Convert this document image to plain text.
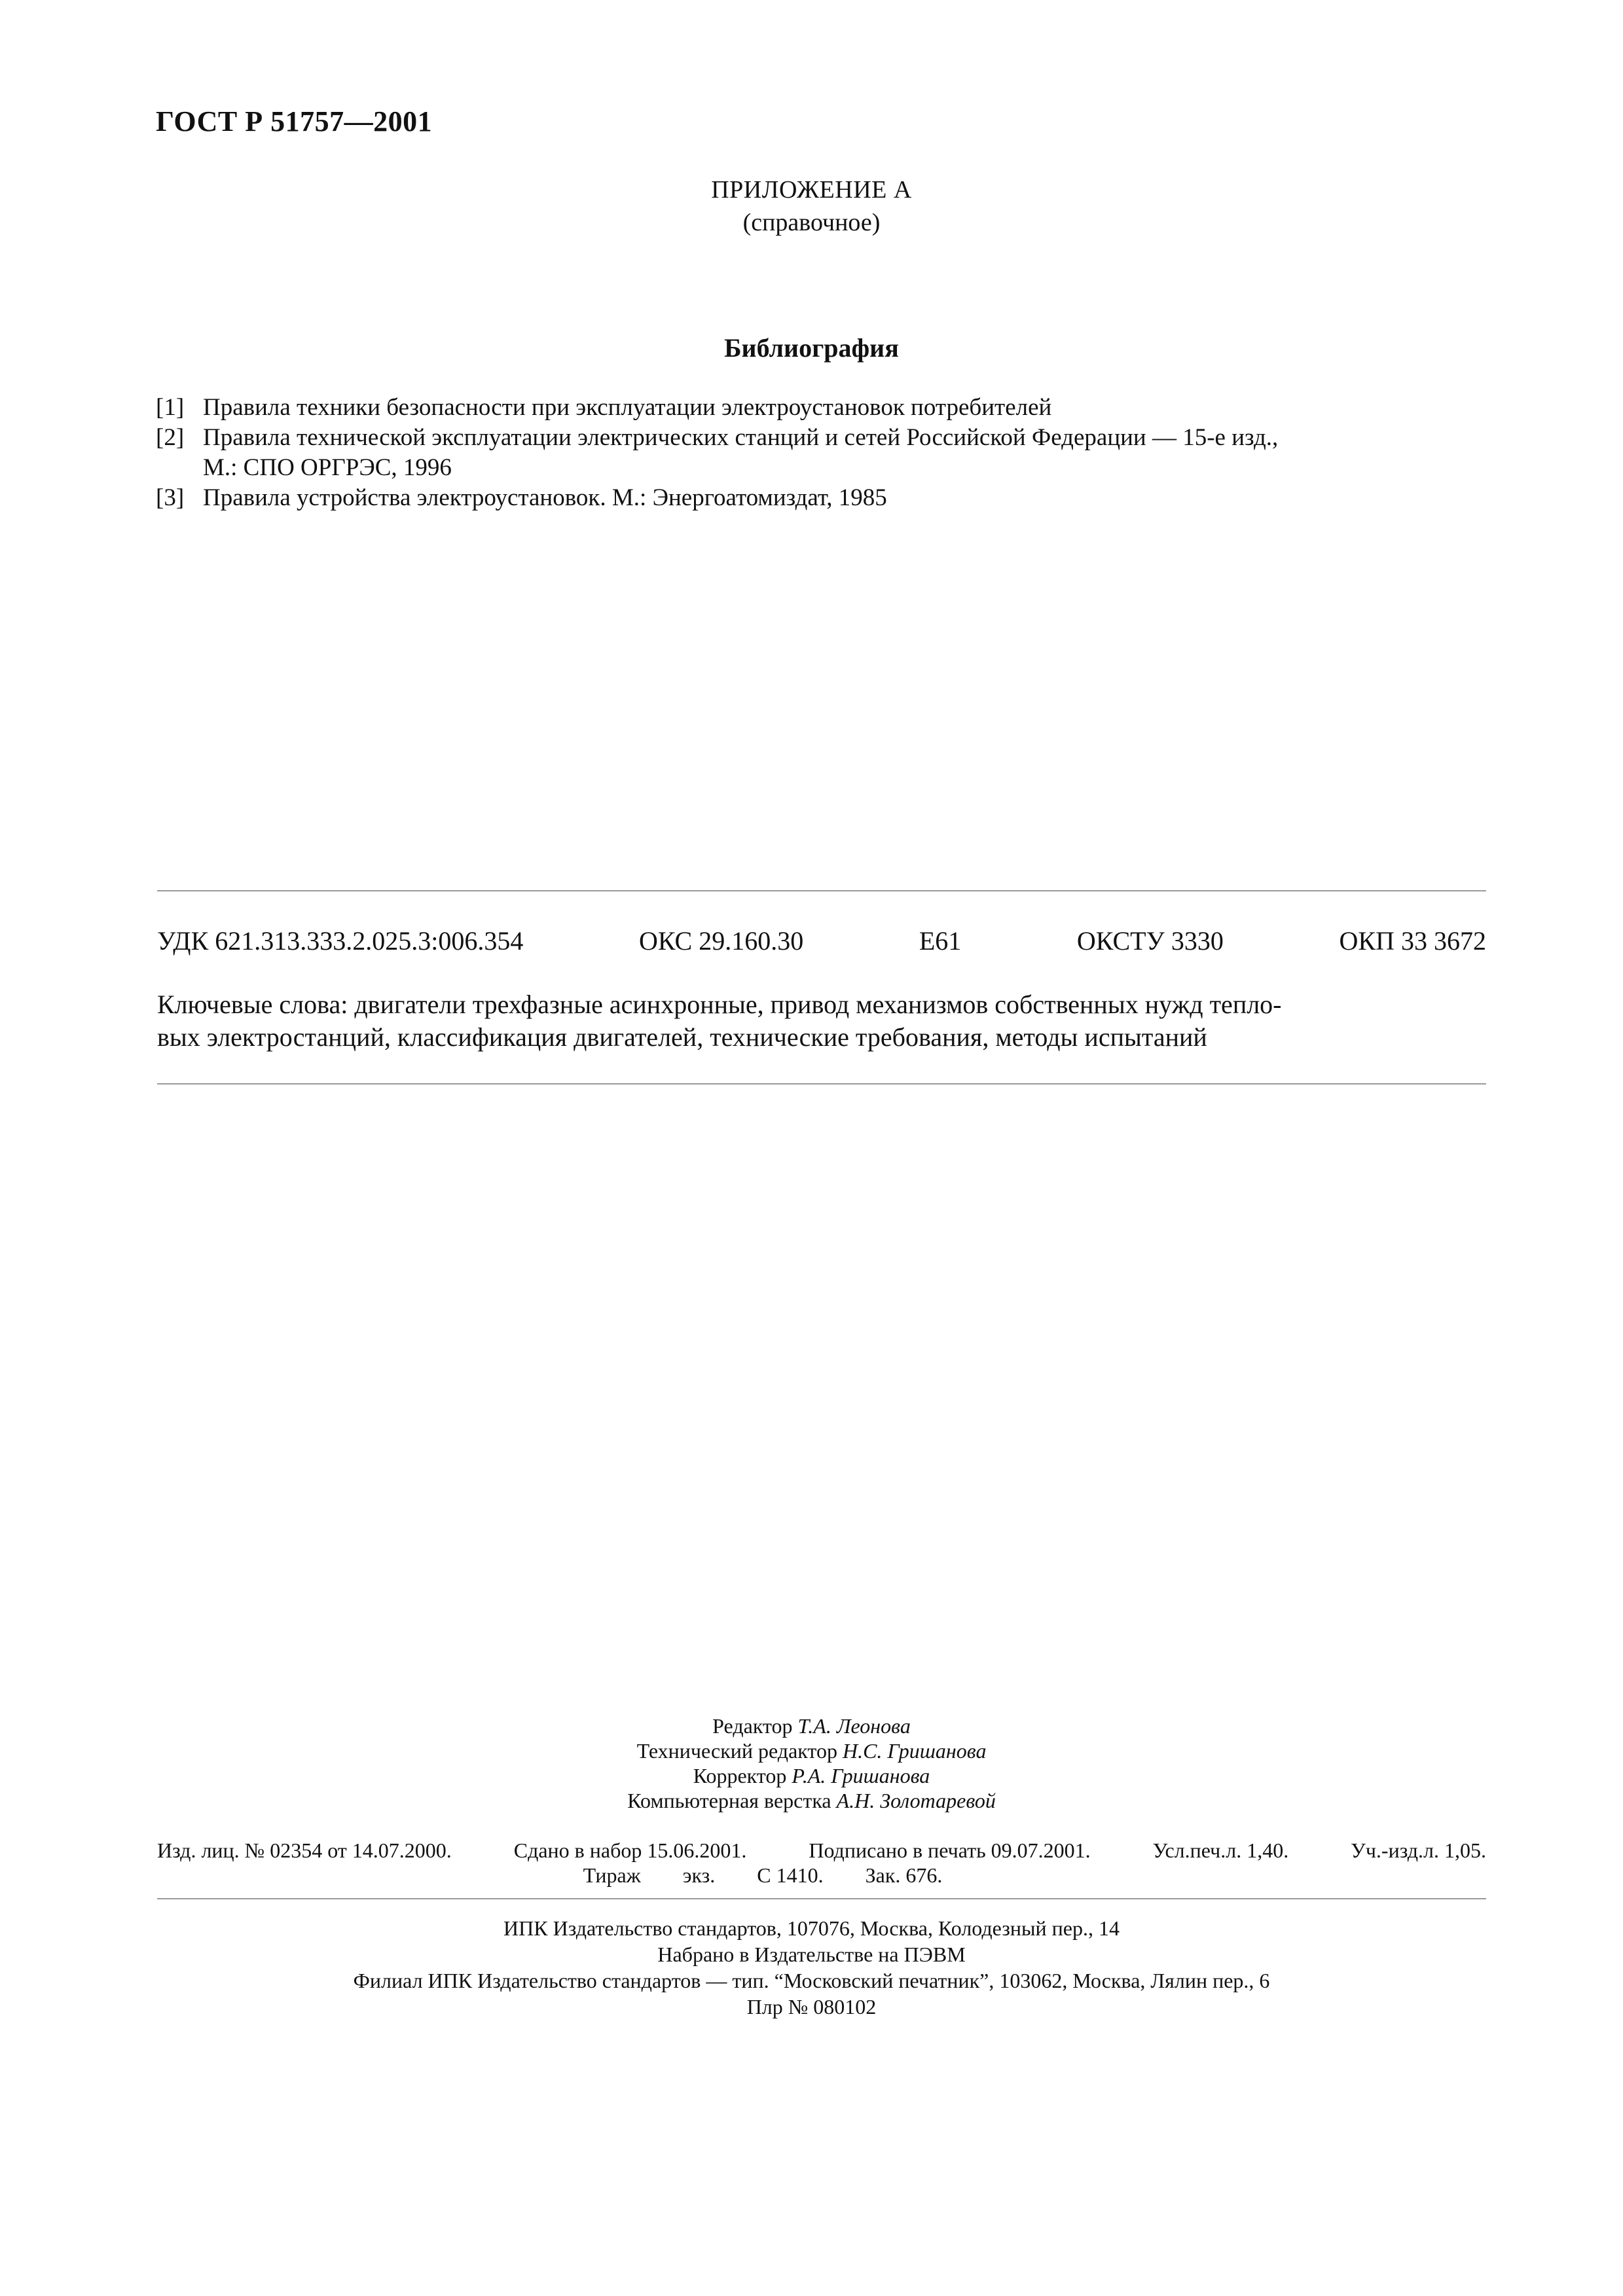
ГОСТ Р 51757—2001
ПРИЛОЖЕНИЕ А
(справочное)
Библиография
[1] Правила техники безопасности при эксплуатации электроустановок потребителей
[2] Правила технической эксплуатации электрических станций и сетей Российской Федерации — 15-е изд.,
М.: СПО ОРГРЭС, 1996
[3] Правила устройства электроустановок. М.: Энергоатомиздат, 1985
УДК 621.313.333.2.025.3:006.354	ОКС 29.160.30	Е61	ОКСТУ 3330	ОКП 33 3672
Ключевые слова: двигатели трехфазные асинхронные, привод механизмов собственных нужд тепло-
вых электростанций, классификация двигателей, технические требования, методы испытаний
Редактор Т.А. Леонова
Технический редактор Н.С. Гришанова
Корректор Р.А. Гришанова
Компьютерная верстка А.Н. Золотаревой
Изд. лиц. № 02354 от 14.07.2000.	Сдано в набор 15.06.2001.	Подписано в печать 09.07.2001.	Усл.печ.л. 1,40.	Уч.-изд.л. 1,05.
Тираж экз. С 1410. Зак. 676.
ИПК Издательство стандартов, 107076, Москва, Колодезный пер., 14
Набрано в Издательстве на ПЭВМ
Филиал ИПК Издательство стандартов — тип. “Московский печатник”, 103062, Москва, Лялин пер., 6
Плр № 080102
